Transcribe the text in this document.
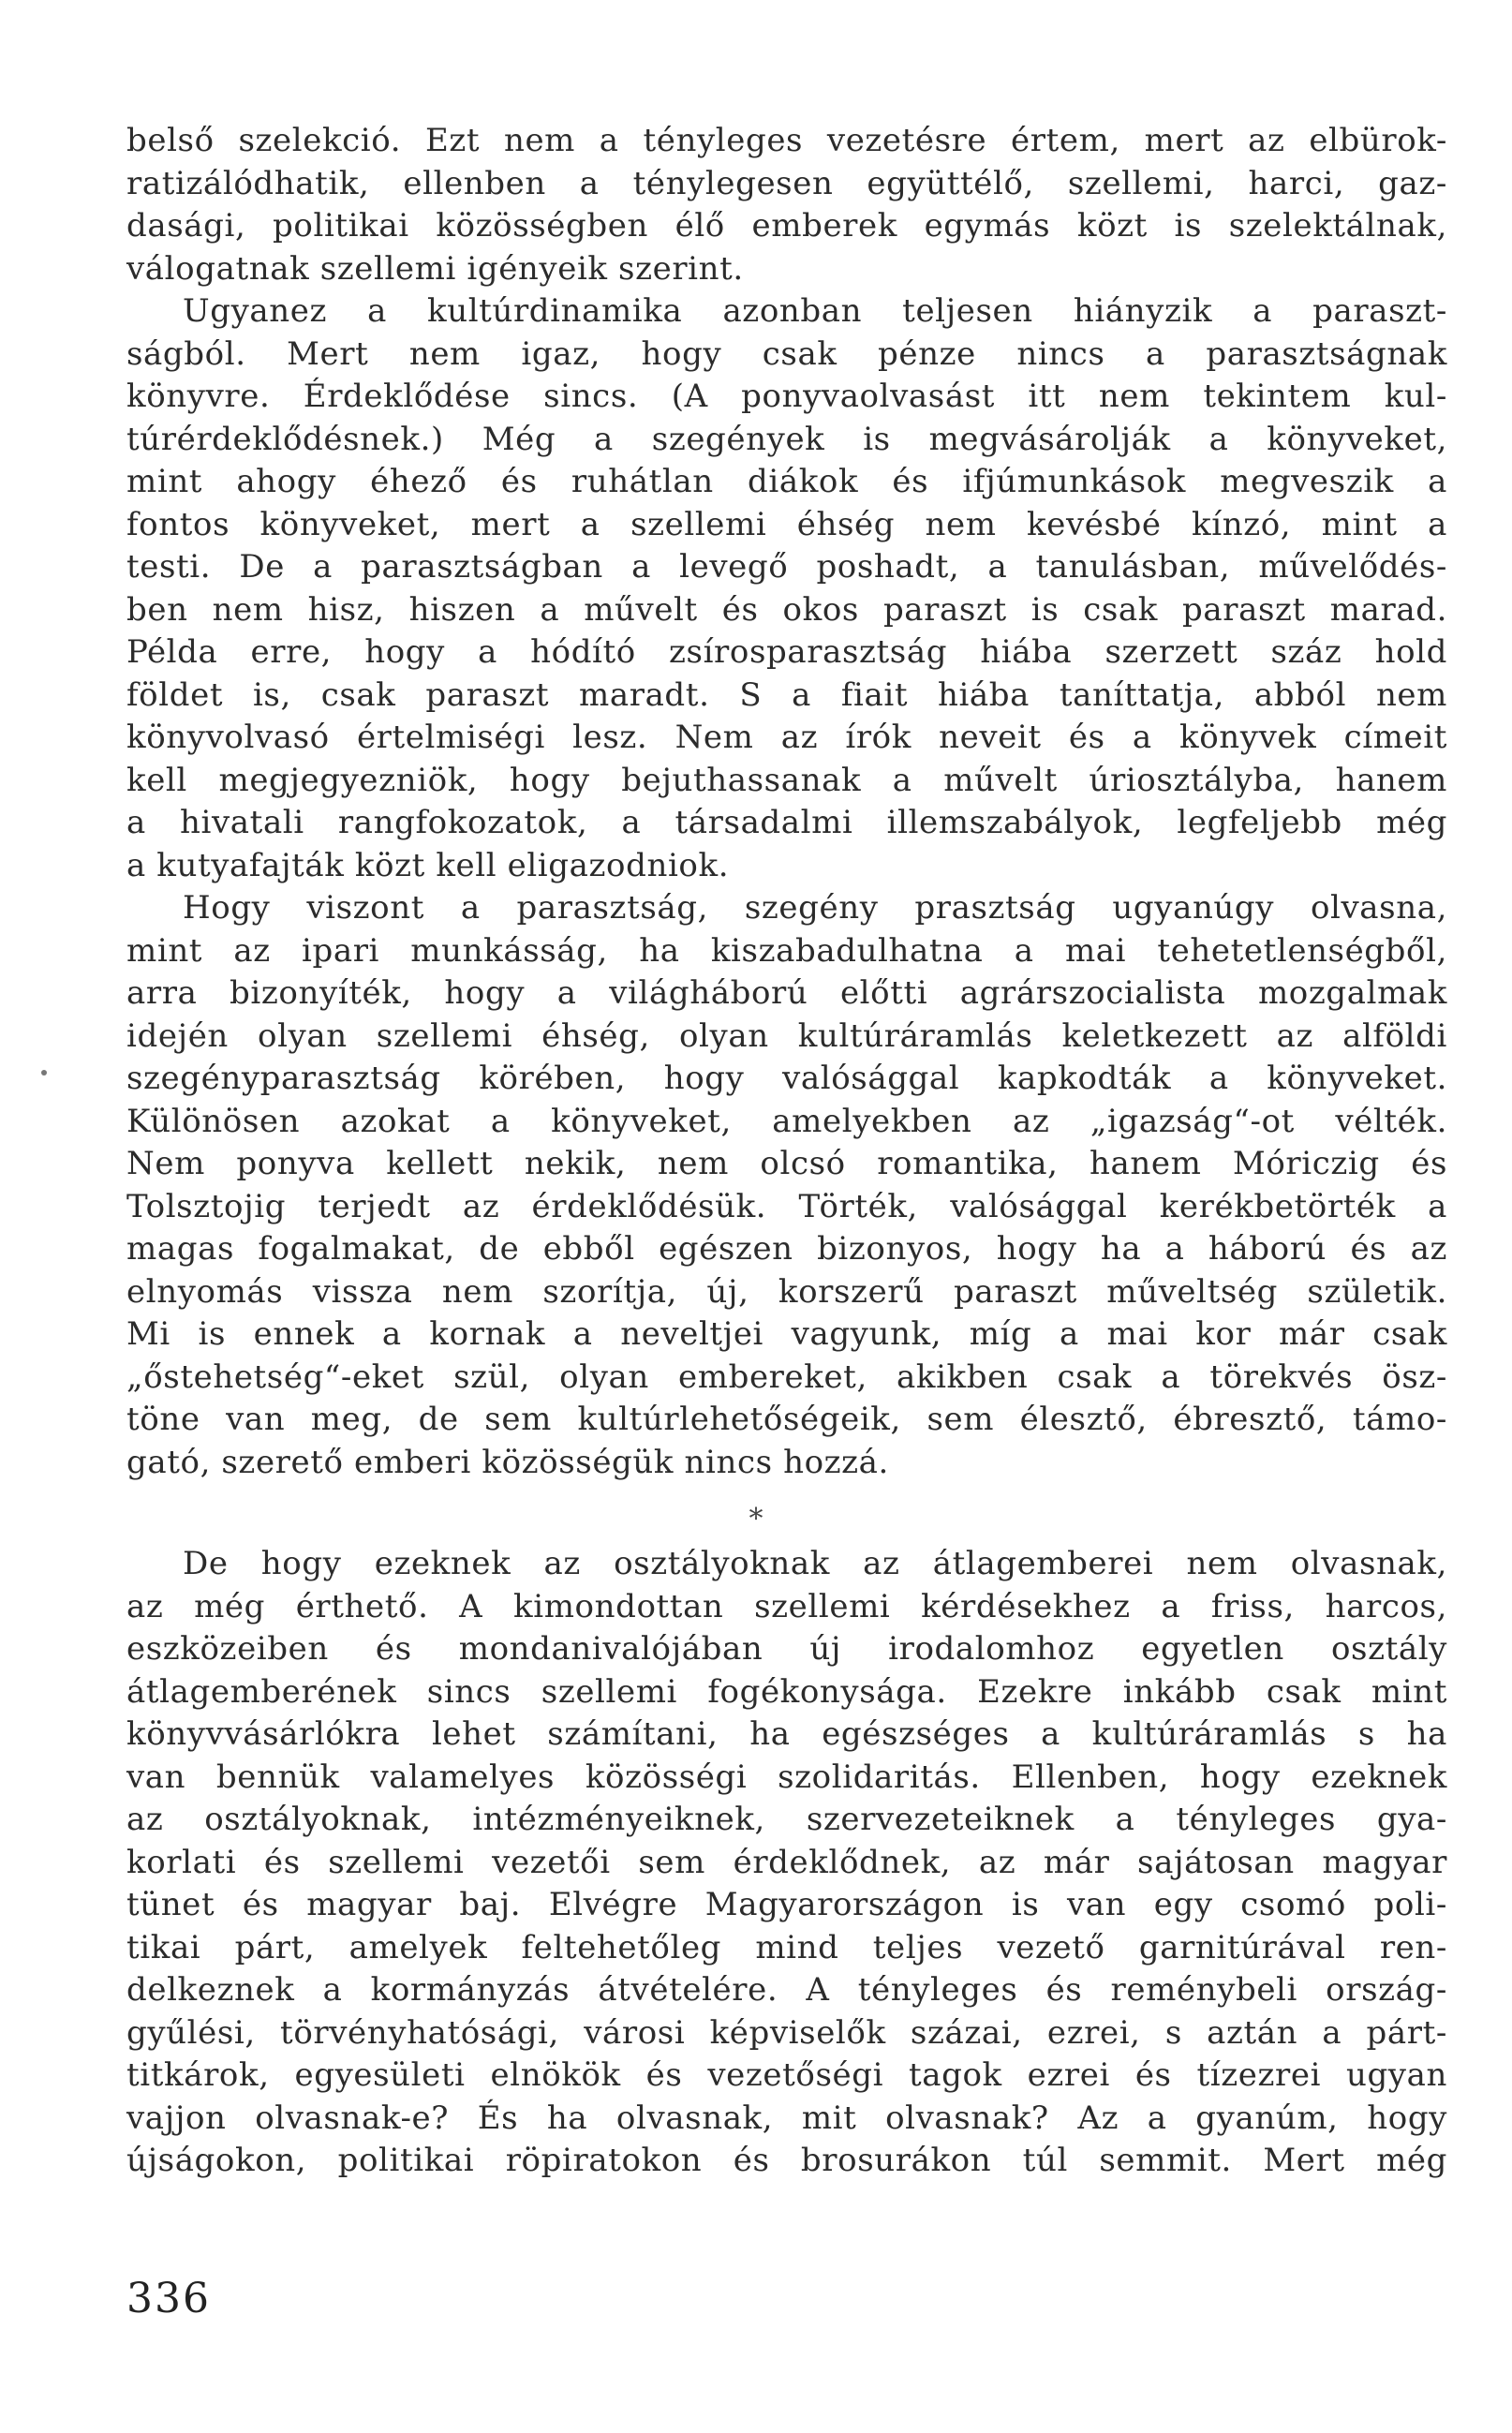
belső szelekció. Ezt nem a tényleges vezetésre értem, mert az elbürok-
ratizálódhatik, ellenben a ténylegesen együttélő, szellemi, harci, gaz-
dasági, politikai közösségben élő emberek egymás közt is szelektálnak,
válogatnak szellemi igényeik szerint.
Ugyanez a kultúrdinamika azonban teljesen hiányzik a paraszt-
ságból. Mert nem igaz, hogy csak pénze nincs a parasztságnak
könyvre. Érdeklődése sincs. (A ponyvaolvasást itt nem tekintem kul-
túrérdeklődésnek.) Még a szegények is megvásárolják a könyveket,
mint ahogy éhező és ruhátlan diákok és ifjúmunkások megveszik a
fontos könyveket, mert a szellemi éhség nem kevésbé kínzó, mint a
testi. De a parasztságban a levegő poshadt, a tanulásban, művelődés-
ben nem hisz, hiszen a művelt és okos paraszt is csak paraszt marad.
Példa erre, hogy a hódító zsírosparasztság hiába szerzett száz hold
földet is, csak paraszt maradt. S a fiait hiába taníttatja, abból nem
könyvolvasó értelmiségi lesz. Nem az írók neveit és a könyvek címeit
kell megjegyezniök, hogy bejuthassanak a művelt úriosztályba, hanem
a hivatali rangfokozatok, a társadalmi illemszabályok, legfeljebb még
a kutyafajták közt kell eligazodniok.
Hogy viszont a parasztság, szegény prasztság ugyanúgy olvasna,
mint az ipari munkásság, ha kiszabadulhatna a mai tehetetlenségből,
arra bizonyíték, hogy a világháború előtti agrárszocialista mozgalmak
idején olyan szellemi éhség, olyan kultúráramlás keletkezett az alföldi
szegényparasztság körében, hogy valósággal kapkodták a könyveket.
Különösen azokat a könyveket, amelyekben az „igazság“-ot vélték.
Nem ponyva kellett nekik, nem olcsó romantika, hanem Móriczig és
Tolsztojig terjedt az érdeklődésük. Törték, valósággal kerékbetörték a
magas fogalmakat, de ebből egészen bizonyos, hogy ha a háború és az
elnyomás vissza nem szorítja, új, korszerű paraszt műveltség születik.
Mi is ennek a kornak a neveltjei vagyunk, míg a mai kor már csak
„őstehetség“-eket szül, olyan embereket, akikben csak a törekvés ösz-
töne van meg, de sem kultúrlehetőségeik, sem élesztő, ébresztő, támo-
gató, szerető emberi közösségük nincs hozzá.
*
De hogy ezeknek az osztályoknak az átlagemberei nem olvasnak,
az még érthető. A kimondottan szellemi kérdésekhez a friss, harcos,
eszközeiben és mondanivalójában új irodalomhoz egyetlen osztály
átlagemberének sincs szellemi fogékonysága. Ezekre inkább csak mint
könyvvásárlókra lehet számítani, ha egészséges a kultúráramlás s ha
van bennük valamelyes közösségi szolidaritás. Ellenben, hogy ezeknek
az osztályoknak, intézményeiknek, szervezeteiknek a tényleges gya-
korlati és szellemi vezetői sem érdeklődnek, az már sajátosan magyar
tünet és magyar baj. Elvégre Magyarországon is van egy csomó poli-
tikai párt, amelyek feltehetőleg mind teljes vezető garnitúrával ren-
delkeznek a kormányzás átvételére. A tényleges és reménybeli ország-
gyűlési, törvényhatósági, városi képviselők százai, ezrei, s aztán a párt-
titkárok, egyesületi elnökök és vezetőségi tagok ezrei és tízezrei ugyan
vajjon olvasnak-e? És ha olvasnak, mit olvasnak? Az a gyanúm, hogy
újságokon, politikai röpiratokon és brosurákon túl semmit. Mert még
336
